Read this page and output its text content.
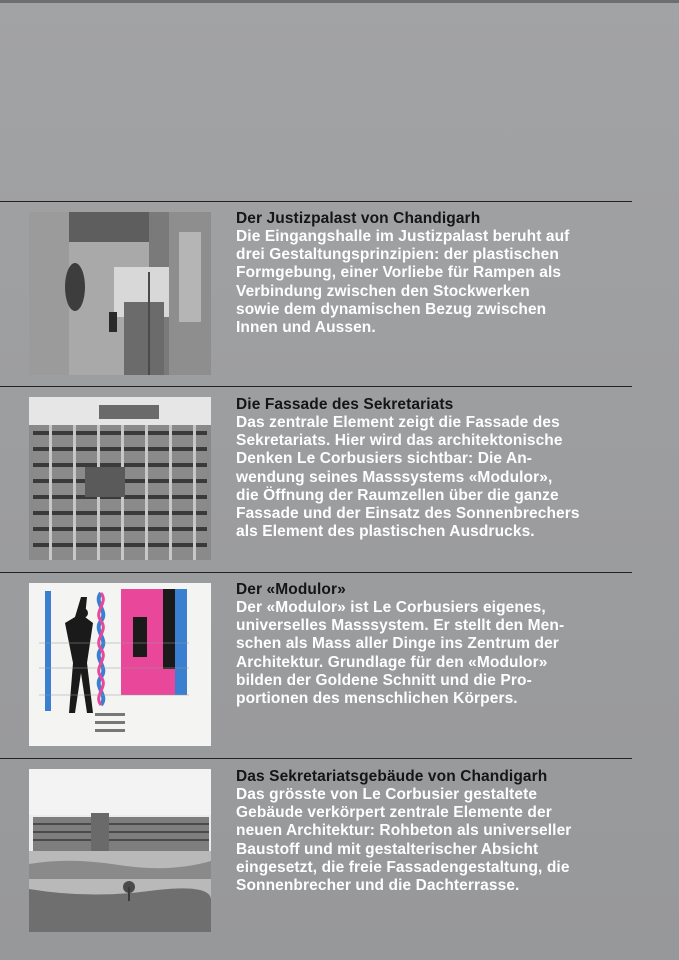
Der Justizpalast von Chandigarh

Die Eingangshalle im Justizpalast beruht auf
drei Gestaltungsprinzipien: der plastischen
Formgebung, einer Vorliebe für Rampen als
Verbindung zwischen den Stockwerken
sowie dem dynamischen Bezug zwischen
Innen und Aussen.

Die Fassade des Sekretariats

Das zentrale Element zeigt die Fassade des
Sekretariats. Hier wird das architektonische
Denken Le Corbusiers sichtbar: Die An-
wendung seines Masssystems «Modulor»,
die Öffnung der Raumzellen über die ganze
Fassade und der Einsatz des Sonnenbrechers
als Element des plastischen Ausdrucks.

Der «Modulor»

Der «Modulor» ist Le Corbusiers eigenes,
universelles Masssystem. Er stellt den Men-
schen als Mass aller Dinge ins Zentrum der
Architektur. Grundlage für den «Modulor»
bilden der Goldene Schnitt und die Pro-
portionen des menschlichen Körpers.

Das Sekretariatsgebäude von Chandigarh

Das grösste von Le Corbusier gestaltete
Gebäude verkörpert zentrale Elemente der
neuen Architektur: Rohbeton als universeller
Baustoff und mit gestalterischer Absicht
eingesetzt, die freie Fassadengestaltung, die
Sonnenbrecher und die Dachterrasse.
